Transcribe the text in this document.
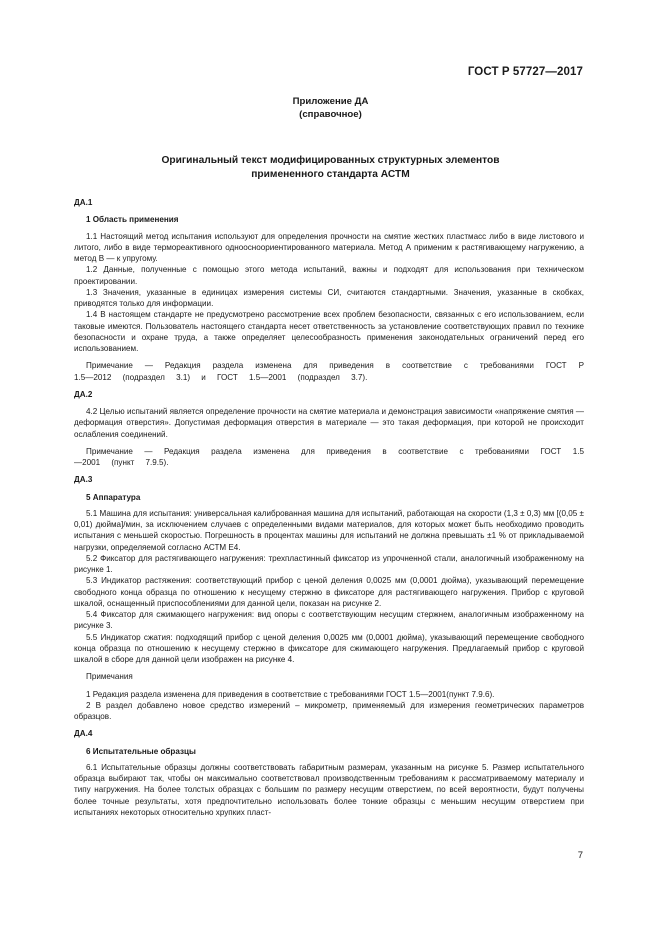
ГОСТ Р 57727—2017
Приложение ДА
(справочное)
Оригинальный текст модифицированных структурных элементов
примененного стандарта АСТМ

ДА.1

1 Область применения

1.1 Настоящий метод испытания используют для определения прочности на смятие жестких пластмасс либо в виде листового и литого, либо в виде термореактивного однооснoориентированного материала. Метод А применим к растягивающему нагружению, а метод В — к упругому.

1.2 Данные, полученные с помощью этого метода испытаний, важны и подходят для использования при техническом проектировании.

1.3 Значения, указанные в единицах измерения системы СИ, считаются стандартными. Значения, указанные в скобках, приводятся только для информации.

1.4 В настоящем стандарте не предусмотрено рассмотрение всех проблем безопасности, связанных с его использованием, если таковые имеются. Пользователь настоящего стандарта несет ответственность за установление соответствующих правил по технике безопасности и охране труда, а также определяет целесообразность применения законодательных ограничений перед его использованием.

Примечание — Редакция раздела изменена для приведения в соответствие с требованиями ГОСТ Р 1.5—2012 (подраздел 3.1) и ГОСТ 1.5—2001 (подраздел 3.7).

ДА.2

4.2 Целью испытаний является определение прочности на смятие материала и демонстрация зависимости «напряжение смятия — деформация отверстия». Допустимая деформация отверстия в материале — это такая деформация, при которой не происходит ослабления соединений.

Примечание — Редакция раздела изменена для приведения в соответствие с требованиями ГОСТ 1.5—2001 (пункт 7.9.5).

ДА.3

5 Аппаратура

5.1 Машина для испытания: универсальная калиброванная машина для испытаний, работающая на скорости (1,3 ± 0,3) мм [(0,05 ± 0,01) дюйма]/мин, за исключением случаев с определенными видами материалов, для которых может быть необходимо проводить испытания с меньшей скоростью. Погрешность в процентах машины для испытаний не должна превышать ±1 % от прикладываемой нагрузки, определяемой согласно АСТМ Е4.

5.2 Фиксатор для растягивающего нагружения: трехпластинный фиксатор из упрочненной стали, аналогичный изображенному на рисунке 1.

5.3 Индикатор растяжения: соответствующий прибор с ценой деления 0,0025 мм (0,0001 дюйма), указывающий перемещение свободного конца образца по отношению к несущему стержню в фиксаторе для растягивающего нагружения. Прибор с круговой шкалой, оснащенный приспособлениями для данной цели, показан на рисунке 2.

5.4 Фиксатор для сжимающего нагружения: вид опоры с соответствующим несущим стержнем, аналогичным изображенному на рисунке 3.

5.5 Индикатор сжатия: подходящий прибор с ценой деления 0,0025 мм (0,0001 дюйма), указывающий перемещение свободного конца образца по отношению к несущему стержню в фиксаторе для сжимающего нагружения. Предлагаемый прибор с круговой шкалой в сборе для данной цели изображен на рисунке 4.

Примечания

1 Редакция раздела изменена для приведения в соответствие с требованиями ГОСТ 1.5—2001(пункт 7.9.6).

2 В раздел добавлено новое средство измерений – микрометр, применяемый для измерения геометрических параметров образцов.

ДА.4

6 Испытательные образцы

6.1 Испытательные образцы должны соответствовать габаритным размерам, указанным на рисунке 5. Размер испытательного образца выбирают так, чтобы он максимально соответствовал производственным требованиям к рассматриваемому материалу и типу нагружения. На более толстых образцах с большим по размеру несущим отверстием, по всей вероятности, будут получены более точные результаты, хотя предпочтительно использовать более тонкие образцы с меньшим несущим отверстием при испытаниях некоторых относительно хрупких пласт-

7
